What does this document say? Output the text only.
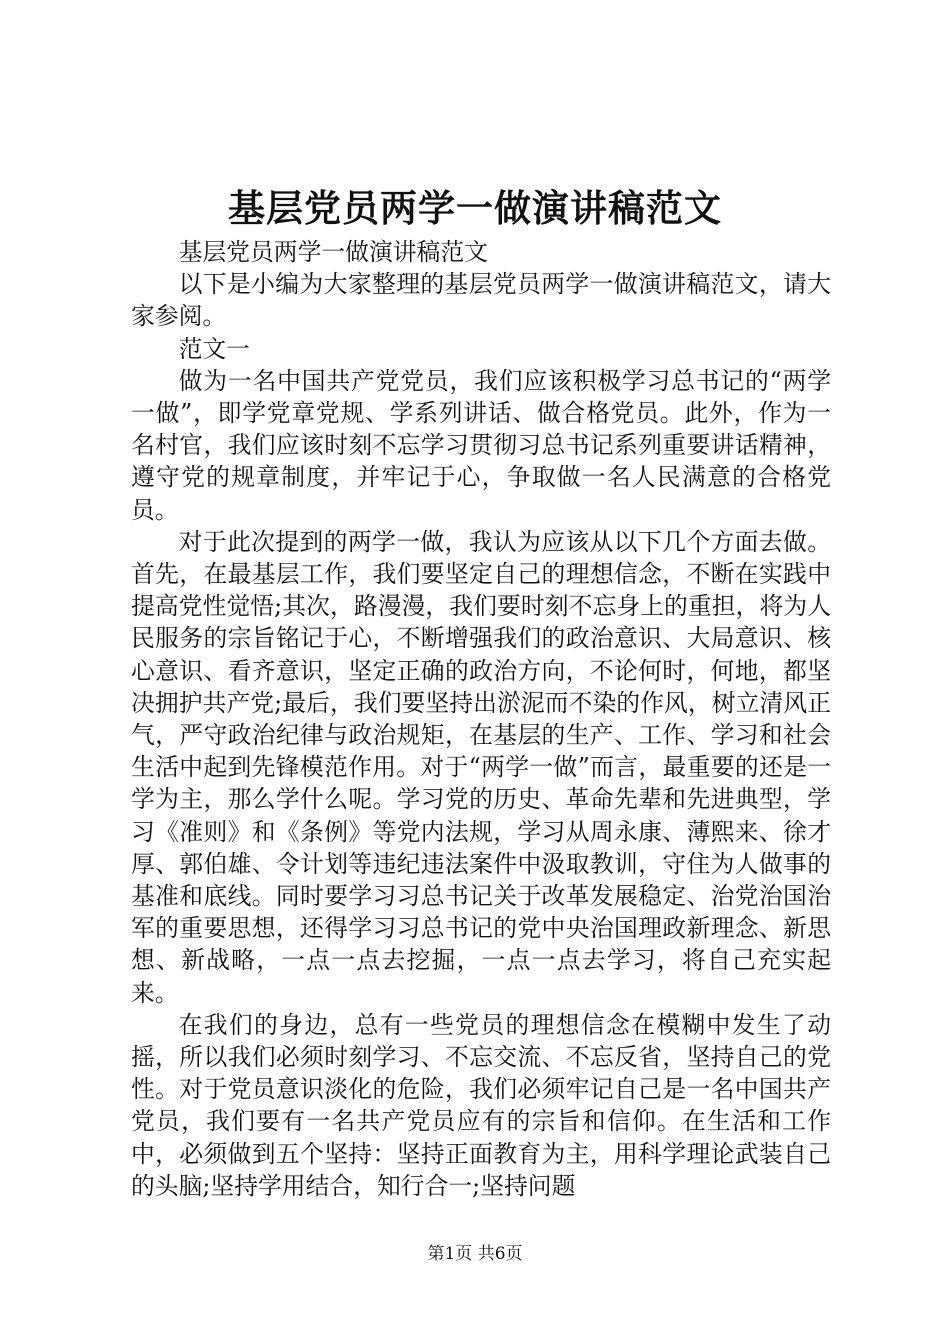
基层党员两学一做演讲稿范文

基层党员两学一做演讲稿范文

以下是小编为大家整理的基层党员两学一做演讲稿范文，请大家参阅。

范文一

做为一名中国共产党党员，我们应该积极学习总书记的“两学一做”，即学党章党规、学系列讲话、做合格党员。此外，作为一名村官，我们应该时刻不忘学习贯彻习总书记系列重要讲话精神，遵守党的规章制度，并牢记于心，争取做一名人民满意的合格党员。

对于此次提到的两学一做，我认为应该从以下几个方面去做。首先，在最基层工作，我们要坚定自己的理想信念，不断在实践中提高党性觉悟;其次，路漫漫，我们要时刻不忘身上的重担，将为人民服务的宗旨铭记于心，不断增强我们的政治意识、大局意识、核心意识、看齐意识，坚定正确的政治方向，不论何时，何地，都坚决拥护共产党;最后，我们要坚持出淤泥而不染的作风，树立清风正气，严守政治纪律与政治规矩，在基层的生产、工作、学习和社会生活中起到先锋模范作用。对于“两学一做”而言，最重要的还是一学为主，那么学什么呢。学习党的历史、革命先辈和先进典型，学习《准则》和《条例》等党内法规，学习从周永康、薄熙来、徐才厚、郭伯雄、令计划等违纪违法案件中汲取教训，守住为人做事的基准和底线。同时要学习习总书记关于改革发展稳定、治党治国治军的重要思想，还得学习习总书记的党中央治国理政新理念、新思想、新战略，一点一点去挖掘，一点一点去学习，将自己充实起来。

在我们的身边，总有一些党员的理想信念在模糊中发生了动摇，所以我们必须时刻学习、不忘交流、不忘反省，坚持自己的党性。对于党员意识淡化的危险，我们必须牢记自己是一名中国共产党员，我们要有一名共产党员应有的宗旨和信仰。在生活和工作中，必须做到五个坚持：坚持正面教育为主，用科学理论武装自己的头脑;坚持学用结合，知行合一;坚持问题

第1页 共6页
